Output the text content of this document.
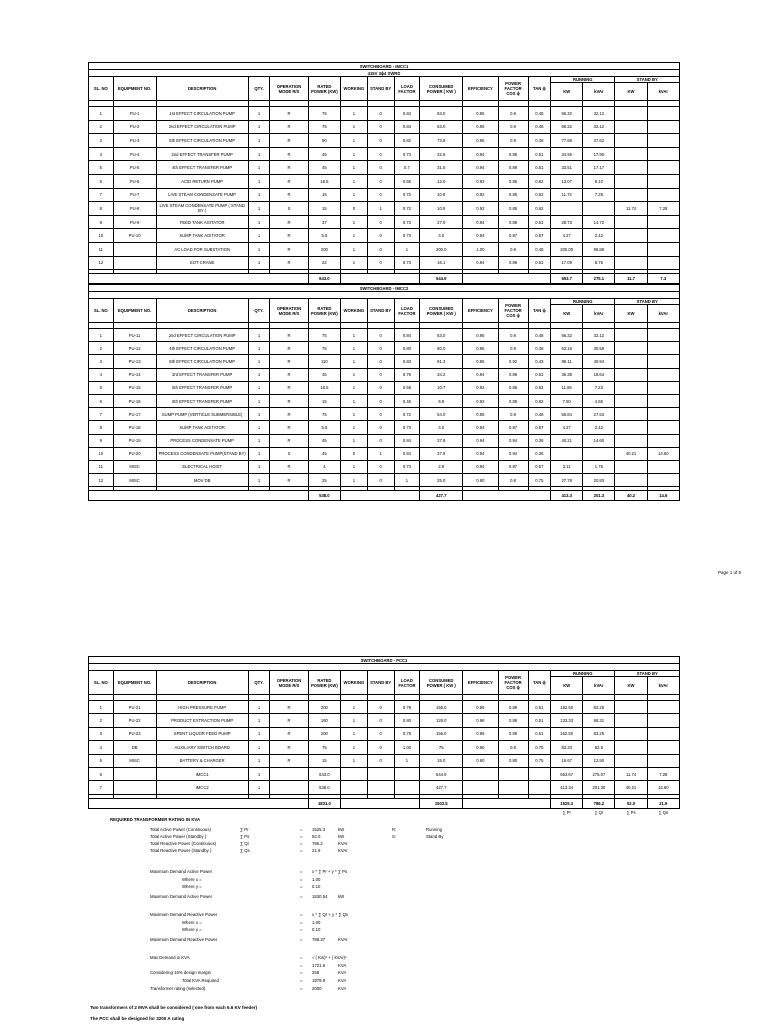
SWITCHBOARD - IMCC1																
415V 3ɸ4 SWRD																
SL. NO	EQUIPMENT NO.	DESCRIPTION	QTY.	OPERATION MODE R/S	RATED POWER (KW)	WORKING	STAND BY	LOAD FACTOR	CONSUMED POWER ( KW )	EFFICIENCY	POWER FACTOR COS ɸ	TAN ɸ	RUNNING		STAND BY	
													KW	kVAr	KW	kVAr

1	PU-1	1st EFFECT CIRCULATION PUMP	1	R	75	1	0	0.84	63.0	0.95	0.9	0.48	66.32	32.12		
2	PU-2	2nd EFFECT CIRCULATION PUMP	1	R	75	1	0	0.84	63.0	0.95	0.9	0.48	66.32	32.12		
3	PU-3	5th EFFECT CIRCULATION PUMP	1	R	90	1	0	0.82	73.8	0.95	0.9	0.48	77.68	37.62		
4	PU-4	2nd EFFECT TRANSFER PUMP	1	R	45	1	0	0.73	32.9	0.94	0.89	0.51	34.95	17.90		
5	PU-5	4th EFFECT TRANSFER PUMP	1	R	45	1	0	0.7	31.5	0.94	0.89	0.51	33.51	17.17		
6	PU-6	ACID RETURN PUMP	1	R	18.5	1	0	0.65	12.0	0.92	0.85	0.62	13.07	8.10		
7	PU-7	LIVE STEAM CONDENSATE PUMP	1	R	15	1	0	0.72	10.8	0.92	0.85	0.62	11.74	7.28		
8	PU-8	LIVE STEAM CONDENSATE PUMP ( STAND BY )	1	S	15	0	1	0.72	10.8	0.92	0.85	0.62			11.74	7.28
9	PU-9	FEED TANK AGITATOR	1	R	37	1	0	0.73	27.0	0.94	0.89	0.51	28.73	14.72		
10	PU-10	SUMP TANK AGITATOR	1	R	5.5	1	0	0.73	4.0	0.94	0.87	0.57	4.27	2.42		
11		AC LOAD FOR SUBSTATION	1	R	200	1	0	1	200.0	1.00	0.9	0.48	200.00	96.86		
12		EOT CRANE	1	R	22	1	0	0.73	16.1	0.94	0.89	0.51	17.09	8.75		

					643.0				544.9				553.7	275.1	11.7	7.3
SWITCHBOARD - IMCC2																

SL. NO	EQUIPMENT NO.	DESCRIPTION	QTY.	OPERATION MODE R/S	RATED POWER (KW)	WORKING	STAND BY	LOAD FACTOR	CONSUMED POWER ( KW )	EFFICIENCY	POWER FACTOR COS ɸ	TAN ɸ	RUNNING		STAND BY	
													KW	kVAr	KW	kVAr

1	PU-11	2nd EFFECT CIRCULATION PUMP	1	R	75	1	0	0.84	63.0	0.95	0.9	0.48	66.32	32.12		
2	PU-12	4th EFFECT CIRCULATION PUMP	1	R	75	1	0	0.80	60.0	0.95	0.9	0.48	63.16	30.59		
3	PU-13	6th EFFECT CIRCULATION PUMP	1	R	110	1	0	0.83	91.3	0.95	0.92	0.43	96.11	40.94		
4	PU-14	3rd EFFECT TRANSFER PUMP	1	R	45	1	0	0.76	34.2	0.94	0.89	0.51	36.38	18.64		
5	PU-15	5th EFFECT TRANSFER PUMP	1	R	18.5	1	0	0.58	10.7	0.92	0.85	0.62	11.66	7.23		
6	PU-16	6th EFFECT TRANSFER PUMP	1	R	15	1	0	0.46	6.9	0.92	0.85	0.62	7.50	4.65		
7	PU-17	SUMP PUMP (VERTICLE SUBMERSIBLE)	1	R	75	1	0	0.72	54.0	0.95	0.9	0.48	56.84	27.53		
8	PU-18	SUMP TANK AGITATOR	1	R	5.5	1	0	0.73	4.0	0.94	0.87	0.57	4.27	2.42		
9	PU-19	PROCESS CONDENSATE PUMP	1	R	45	1	0	0.84	37.8	0.94	0.94	0.36	40.21	14.60		
10	PU-20	PROCESS CONDENSATE PUMP(STAND BY)	1	S	45	0	1	0.84	37.8	0.94	0.94	0.36			40.21	14.60
11	MISC	ELECTRICAL HOIST	1	R	4	1	0	0.73	2.9	0.94	0.87	0.57	3.11	1.76		
12	MISC	MOV DB	1	R	25	1	0	1	25.0	0.90	0.8	0.75	27.78	20.83		

					538.0				427.7				413.3	201.3	40.2	14.6
Page 1 of 5
SWITCHBOARD - PCC1																

SL. NO	EQUIPMENT NO.	DESCRIPTION	QTY.	OPERATION MODE R/S	RATED POWER (KW)	WORKING	STAND BY	LOAD FACTOR	CONSUMED POWER ( KW )	EFFICIENCY	POWER FACTOR COS ɸ	TAN ɸ	RUNNING		STAND BY	
													KW	kVAr	KW	kVAr

1	PU-21	HIGH PRESSURE PUMP	1	R	200	1	0	0.78	156.0	0.96	0.89	0.51	162.50	83.25		
2	PU-22	PRODUCT EXTRACTION PUMP	1	R	160	1	0	0.80	128.0	0.96	0.89	0.51	133.33	68.31		
3	PU-23	SPENT LIQUOR FEED PUMP	1	R	200	1	0	0.78	156.0	0.96	0.89	0.51	162.50	83.25		
4	DB	AUXILIARY SWITCH BOARD	1	R	75	1	0	1.00	75	0.90	0.8	0.75	83.33	62.5		
5	MISC	BATTERY & CHARGER	1	R	15	1	0	1	15.0	0.90	0.80	0.75	16.67	12.50		
6		IMCC1	1		643.0				544.9				553.67	275.07	11.74	7.28
7		IMCC2	1		538.0				427.7				413.34	201.30	40.21	14.60

					1831.0				1502.5				1525.3	786.2	52.0	21.9
													∑ Pr	∑ Qr	∑ Ps	∑ Qs
REQUIRED TRANSFORMER RATING IN KVA
Total Active Power (Continuous)	∑ Pr	= 1525.3	kW
Total Active Power (Standby )	∑ Ps	= 52.0	kW
Total Reactive Power (Continuous)	∑ Qr	= 786.2	KVAr
Total Reactive Power (Standby )	∑ Qs	= 21.9	KVAr
Maximum Demand Active Power	= x * ∑ Pr + y * ∑ Ps
Where x =	= 1.00
Where y =	= 0.10
Maximum Demand Active Power	= 1530.54 kW
Maximum Demand Reactive Power	= x * ∑ Qr + y * ∑ Qs
Where x =	= 1.00
Where y =	= 0.10
Maximum Demand Reactive Power	= 788.37	KVAr
Max Demand in KVA	= √ ( Kw)² + ( kVAr)²
= 1721.6	KVA
Considering 15% design margin	= 258	KVA
Total KVA Required	= 1979.9	KVA
Transformer rating (selected)	= 2000	KVA
R:	Running
S:	Stand By
Two transformers of 2 MVA shall be considered ( one from each 6.6 KV feeder)
The PCC shall be designed for 3200 A rating
